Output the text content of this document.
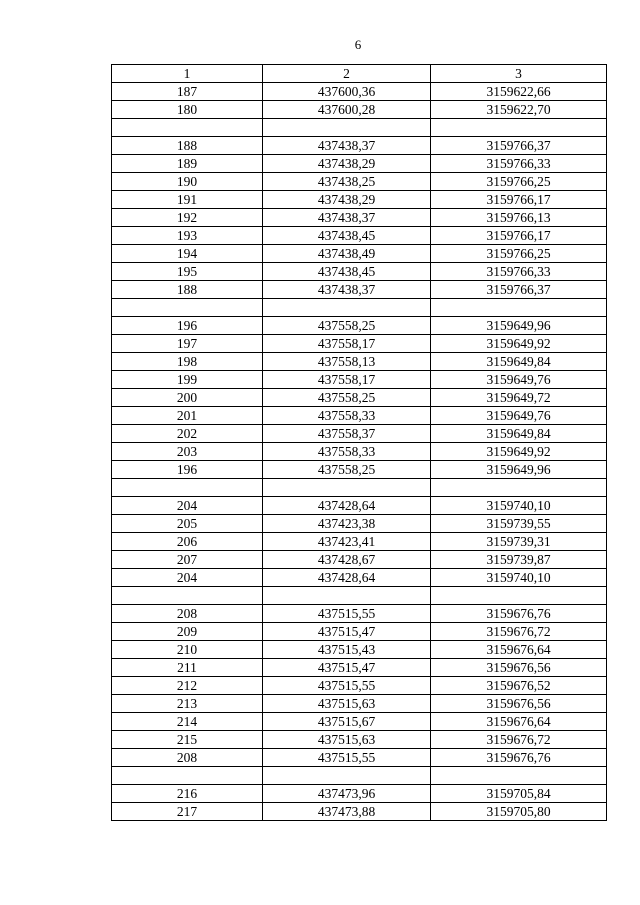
6
1	2	3
187	437600,36	3159622,66
180	437600,28	3159622,70

188	437438,37	3159766,37
189	437438,29	3159766,33
190	437438,25	3159766,25
191	437438,29	3159766,17
192	437438,37	3159766,13
193	437438,45	3159766,17
194	437438,49	3159766,25
195	437438,45	3159766,33
188	437438,37	3159766,37

196	437558,25	3159649,96
197	437558,17	3159649,92
198	437558,13	3159649,84
199	437558,17	3159649,76
200	437558,25	3159649,72
201	437558,33	3159649,76
202	437558,37	3159649,84
203	437558,33	3159649,92
196	437558,25	3159649,96

204	437428,64	3159740,10
205	437423,38	3159739,55
206	437423,41	3159739,31
207	437428,67	3159739,87
204	437428,64	3159740,10

208	437515,55	3159676,76
209	437515,47	3159676,72
210	437515,43	3159676,64
211	437515,47	3159676,56
212	437515,55	3159676,52
213	437515,63	3159676,56
214	437515,67	3159676,64
215	437515,63	3159676,72
208	437515,55	3159676,76

216	437473,96	3159705,84
217	437473,88	3159705,80
